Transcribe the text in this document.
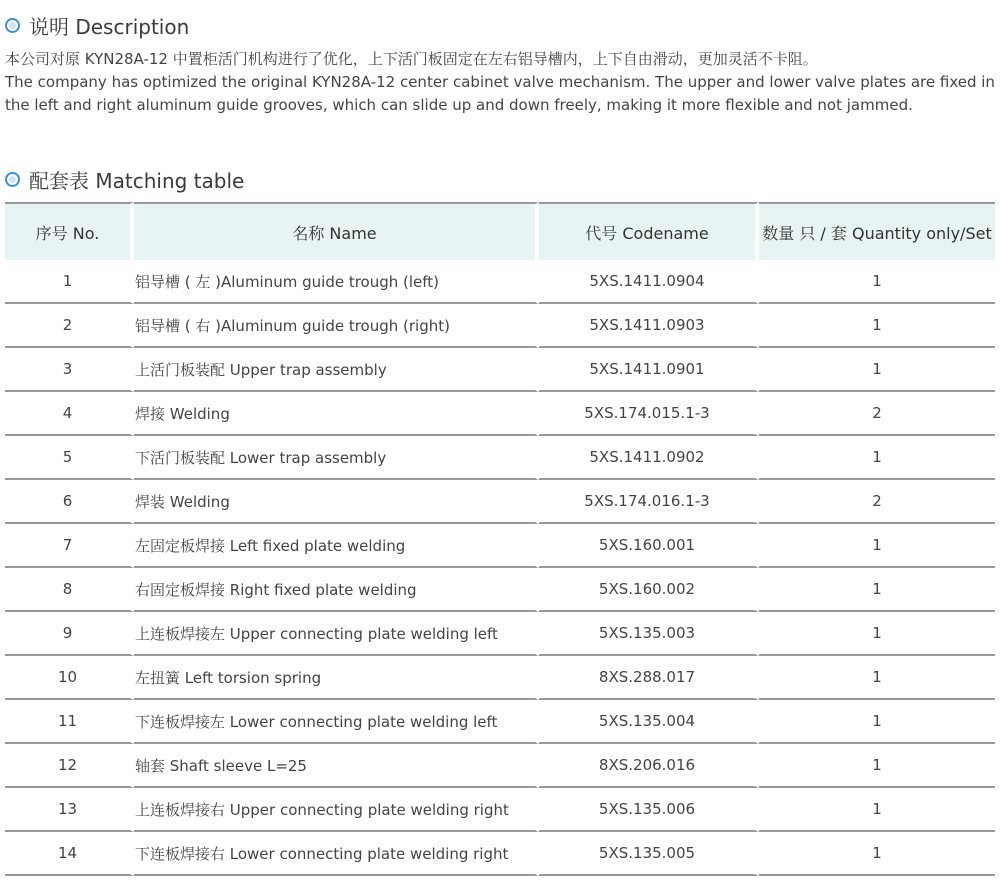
说明 Description

本公司对原 KYN28A-12 中置柜活门机构进行了优化，上下活门板固定在左右铝导槽内，上下自由滑动，更加灵活不卡阻。

The company has optimized the original KYN28A-12 center cabinet valve mechanism. The upper and lower valve plates are fixed in the left and right aluminum guide grooves, which can slide up and down freely, making it more flexible and not jammed.

配套表 Matching table
序号 No.	名称 Name	代号 Codename	数量 只 / 套 Quantity only/Set
1	铝导槽 ( 左 )Aluminum guide trough (left)	5XS.1411.0904	1
2	铝导槽 ( 右 )Aluminum guide trough (right)	5XS.1411.0903	1
3	上活门板装配 Upper trap assembly	5XS.1411.0901	1
4	焊接 Welding	5XS.174.015.1-3	2
5	下活门板装配 Lower trap assembly	5XS.1411.0902	1
6	焊装 Welding	5XS.174.016.1-3	2
7	左固定板焊接 Left fixed plate welding	5XS.160.001	1
8	右固定板焊接 Right fixed plate welding	5XS.160.002	1
9	上连板焊接左 Upper connecting plate welding left	5XS.135.003	1
10	左扭簧 Left torsion spring	8XS.288.017	1
11	下连板焊接左 Lower connecting plate welding left	5XS.135.004	1
12	轴套 Shaft sleeve L=25	8XS.206.016	1
13	上连板焊接右 Upper connecting plate welding right	5XS.135.006	1
14	下连板焊接右 Lower connecting plate welding right	5XS.135.005	1
